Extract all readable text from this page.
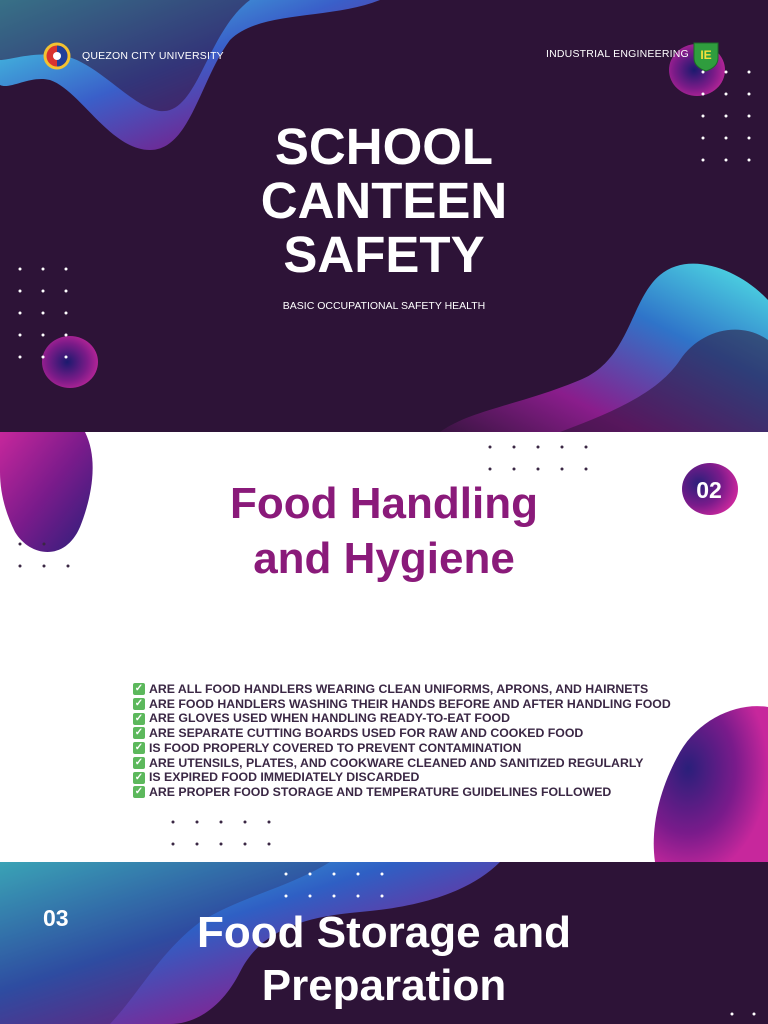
QUEZON CITY UNIVERSITY	INDUSTRIAL ENGINEERING IE
SCHOOL
CANTEEN
SAFETY
BASIC OCCUPATIONAL SAFETY HEALTH
Food Handling
and Hygiene
✓ ARE ALL FOOD HANDLERS WEARING CLEAN UNIFORMS, APRONS, AND HAIRNETS
✓ ARE FOOD HANDLERS WASHING THEIR HANDS BEFORE AND AFTER HANDLING FOOD
✓ ARE GLOVES USED WHEN HANDLING READY-TO-EAT FOOD
✓ ARE SEPARATE CUTTING BOARDS USED FOR RAW AND COOKED FOOD
✓ IS FOOD PROPERLY COVERED TO PREVENT CONTAMINATION
✓ ARE UTENSILS, PLATES, AND COOKWARE CLEANED AND SANITIZED REGULARLY
✓ IS EXPIRED FOOD IMMEDIATELY DISCARDED
✓ ARE PROPER FOOD STORAGE AND TEMPERATURE GUIDELINES FOLLOWED
02
03	Food Storage and
Preparation
